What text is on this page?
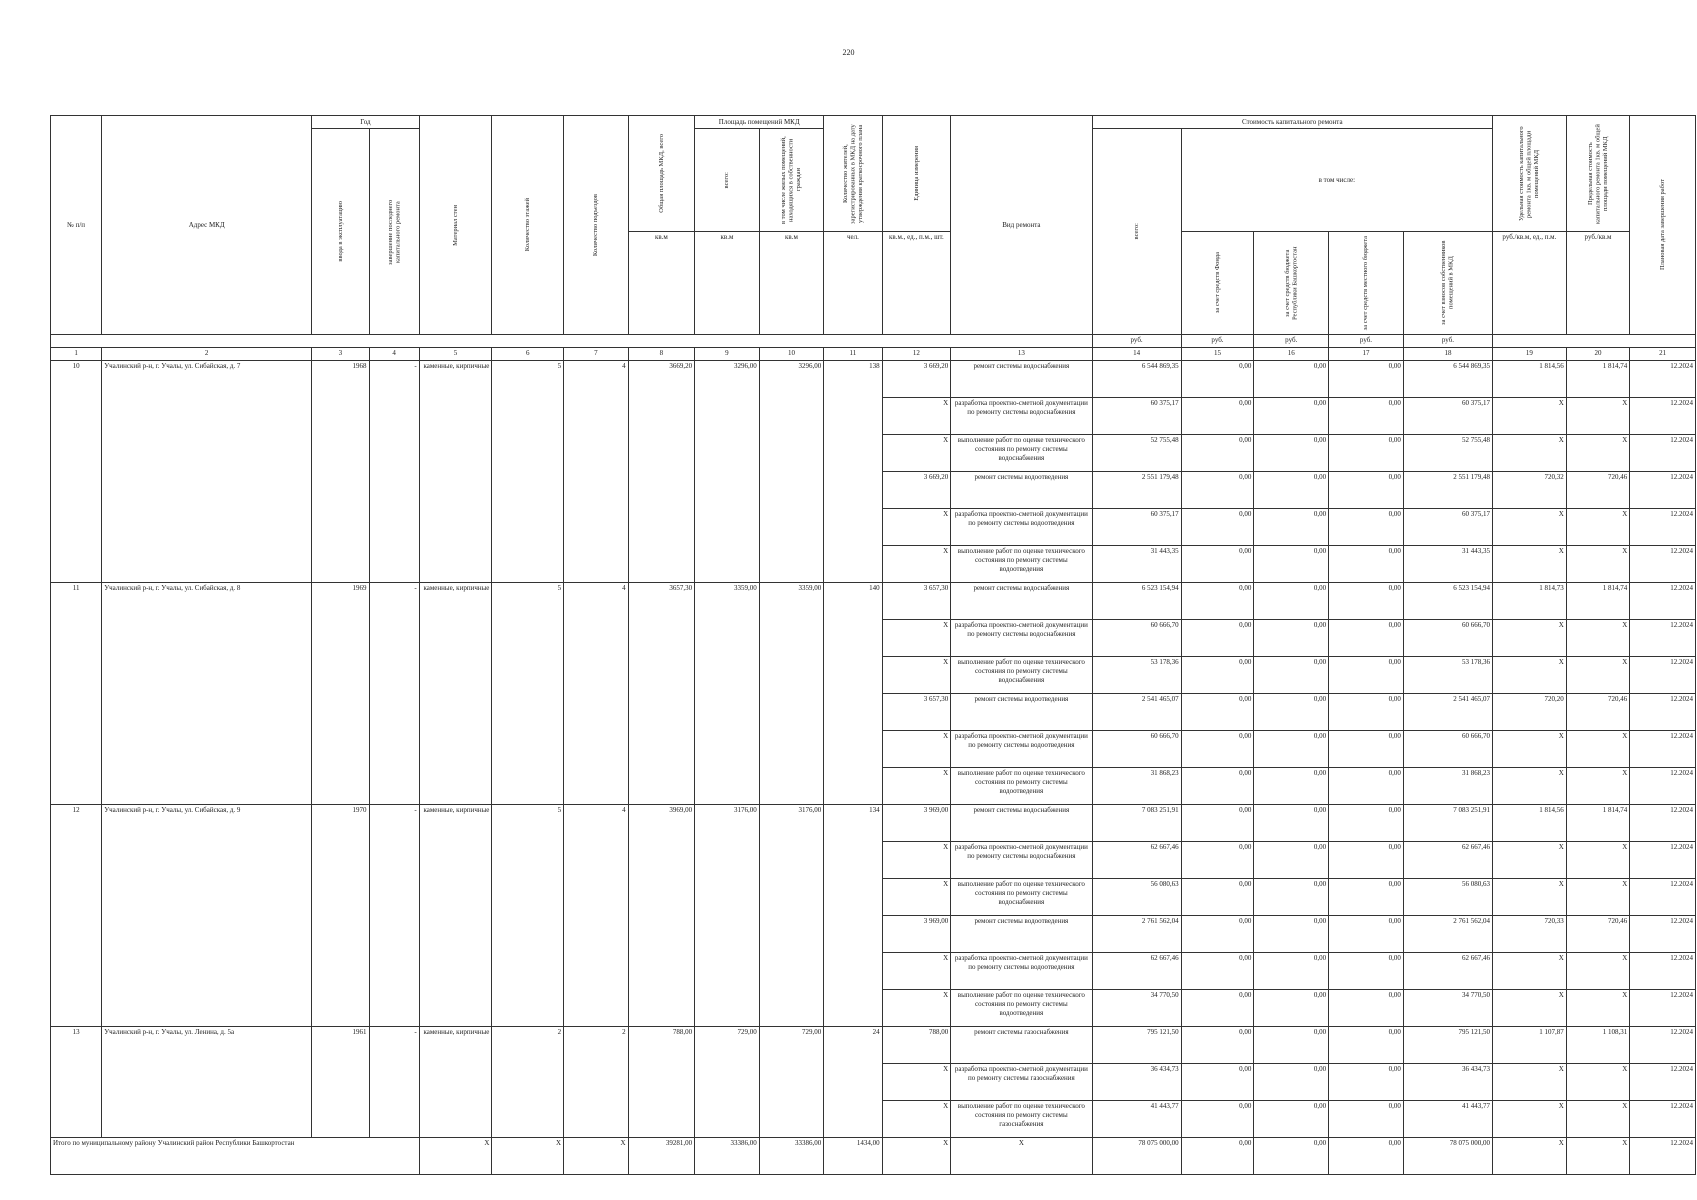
220
№ п/п	Адрес МКД	Год		Материал стен	Количество этажей	Количество подъездов	Общая площадь МКД, всего	Площадь помещений МКД		Количество жителей, зарегистрированных в МКД на дату утверждения краткосрочного плана	Единица измерения	Вид ремонта	Стоимость капитального ремонта					Удельная стоимость капитального ремонта 1кв. м общей площади помещений МКД	Предельная стоимость капитального ремонта 1кв. м общей площади помещений МКД	Плановая дата завершения работ

		ввода в эксплуатацию	завершение последнего капитального ремонта					всего:	в том числе жилых помещений, находящихся в собственности граждан				всего:	в том числе:						
							кв.м	кв.м	кв.м	чел.	кв.м., ед., п.м., шт.			за счет средств Фонда	за счет средств бюджета Республики Башкортостан	за счет средств местного бюджета	за счет взносов собственников помещений в МКД	руб./кв.м, ед., п.м.	руб./кв.м	
													руб.	руб.	руб.	руб.	руб.			
1	2	3	4	5	6	7	8	9	10	11	12	13	14	15	16	17	18	19	20	21
10	Учалинский р-н, г. Учалы, ул. Сибайская, д. 7	1968	-	каменные, кирпичные	5	4	3669,20	3296,00	3296,00	138	3 669,20	ремонт системы водоснабжения	6 544 869,35	0,00	0,00	0,00	6 544 869,35	1 814,56	1 814,74	12.2024
											X	разработка проектно-сметной документации по ремонту системы водоснабжения	60 375,17	0,00	0,00	0,00	60 375,17	X	X	12.2024
											X	выполнение работ по оценке технического состояния по ремонту системы водоснабжения	52 755,48	0,00	0,00	0,00	52 755,48	X	X	12.2024
											3 669,20	ремонт системы водоотведения	2 551 179,48	0,00	0,00	0,00	2 551 179,48	720,32	720,46	12.2024
											X	разработка проектно-сметной документации по ремонту системы водоотведения	60 375,17	0,00	0,00	0,00	60 375,17	X	X	12.2024
											X	выполнение работ по оценке технического состояния по ремонту системы водоотведения	31 443,35	0,00	0,00	0,00	31 443,35	X	X	12.2024
11	Учалинский р-н, г. Учалы, ул. Сибайская, д. 8	1969	-	каменные, кирпичные	5	4	3657,30	3359,00	3359,00	140	3 657,30	ремонт системы водоснабжения	6 523 154,94	0,00	0,00	0,00	6 523 154,94	1 814,73	1 814,74	12.2024
											X	разработка проектно-сметной документации по ремонту системы водоснабжения	60 666,70	0,00	0,00	0,00	60 666,70	X	X	12.2024
											X	выполнение работ по оценке технического состояния по ремонту системы водоснабжения	53 178,36	0,00	0,00	0,00	53 178,36	X	X	12.2024
											3 657,30	ремонт системы водоотведения	2 541 465,07	0,00	0,00	0,00	2 541 465,07	720,20	720,46	12.2024
											X	разработка проектно-сметной документации по ремонту системы водоотведения	60 666,70	0,00	0,00	0,00	60 666,70	X	X	12.2024
											X	выполнение работ по оценке технического состояния по ремонту системы водоотведения	31 868,23	0,00	0,00	0,00	31 868,23	X	X	12.2024
12	Учалинский р-н, г. Учалы, ул. Сибайская, д. 9	1970	-	каменные, кирпичные	5	4	3969,00	3176,00	3176,00	134	3 969,00	ремонт системы водоснабжения	7 083 251,91	0,00	0,00	0,00	7 083 251,91	1 814,56	1 814,74	12.2024
											X	разработка проектно-сметной документации по ремонту системы водоснабжения	62 667,46	0,00	0,00	0,00	62 667,46	X	X	12.2024
											X	выполнение работ по оценке технического состояния по ремонту системы водоснабжения	56 080,63	0,00	0,00	0,00	56 080,63	X	X	12.2024
											3 969,00	ремонт системы водоотведения	2 761 562,04	0,00	0,00	0,00	2 761 562,04	720,33	720,46	12.2024
											X	разработка проектно-сметной документации по ремонту системы водоотведения	62 667,46	0,00	0,00	0,00	62 667,46	X	X	12.2024
											X	выполнение работ по оценке технического состояния по ремонту системы водоотведения	34 770,50	0,00	0,00	0,00	34 770,50	X	X	12.2024
13	Учалинский р-н, г. Учалы, ул. Ленина, д. 5а	1961	-	каменные, кирпичные	2	2	788,00	729,00	729,00	24	788,00	ремонт системы газоснабжения	795 121,50	0,00	0,00	0,00	795 121,50	1 107,87	1 108,31	12.2024
											X	разработка проектно-сметной документации по ремонту системы газоснабжения	36 434,73	0,00	0,00	0,00	36 434,73	X	X	12.2024
											X	выполнение работ по оценке технического состояния по ремонту системы газоснабжения	41 443,77	0,00	0,00	0,00	41 443,77	X	X	12.2024
Итого по муниципальному району Учалинский район Республики Башкортостан				X	X	X	39281,00	33386,00	33386,00	1434,00	X	X	78 075 000,00	0,00	0,00	0,00	78 075 000,00	X	X	12.2024
